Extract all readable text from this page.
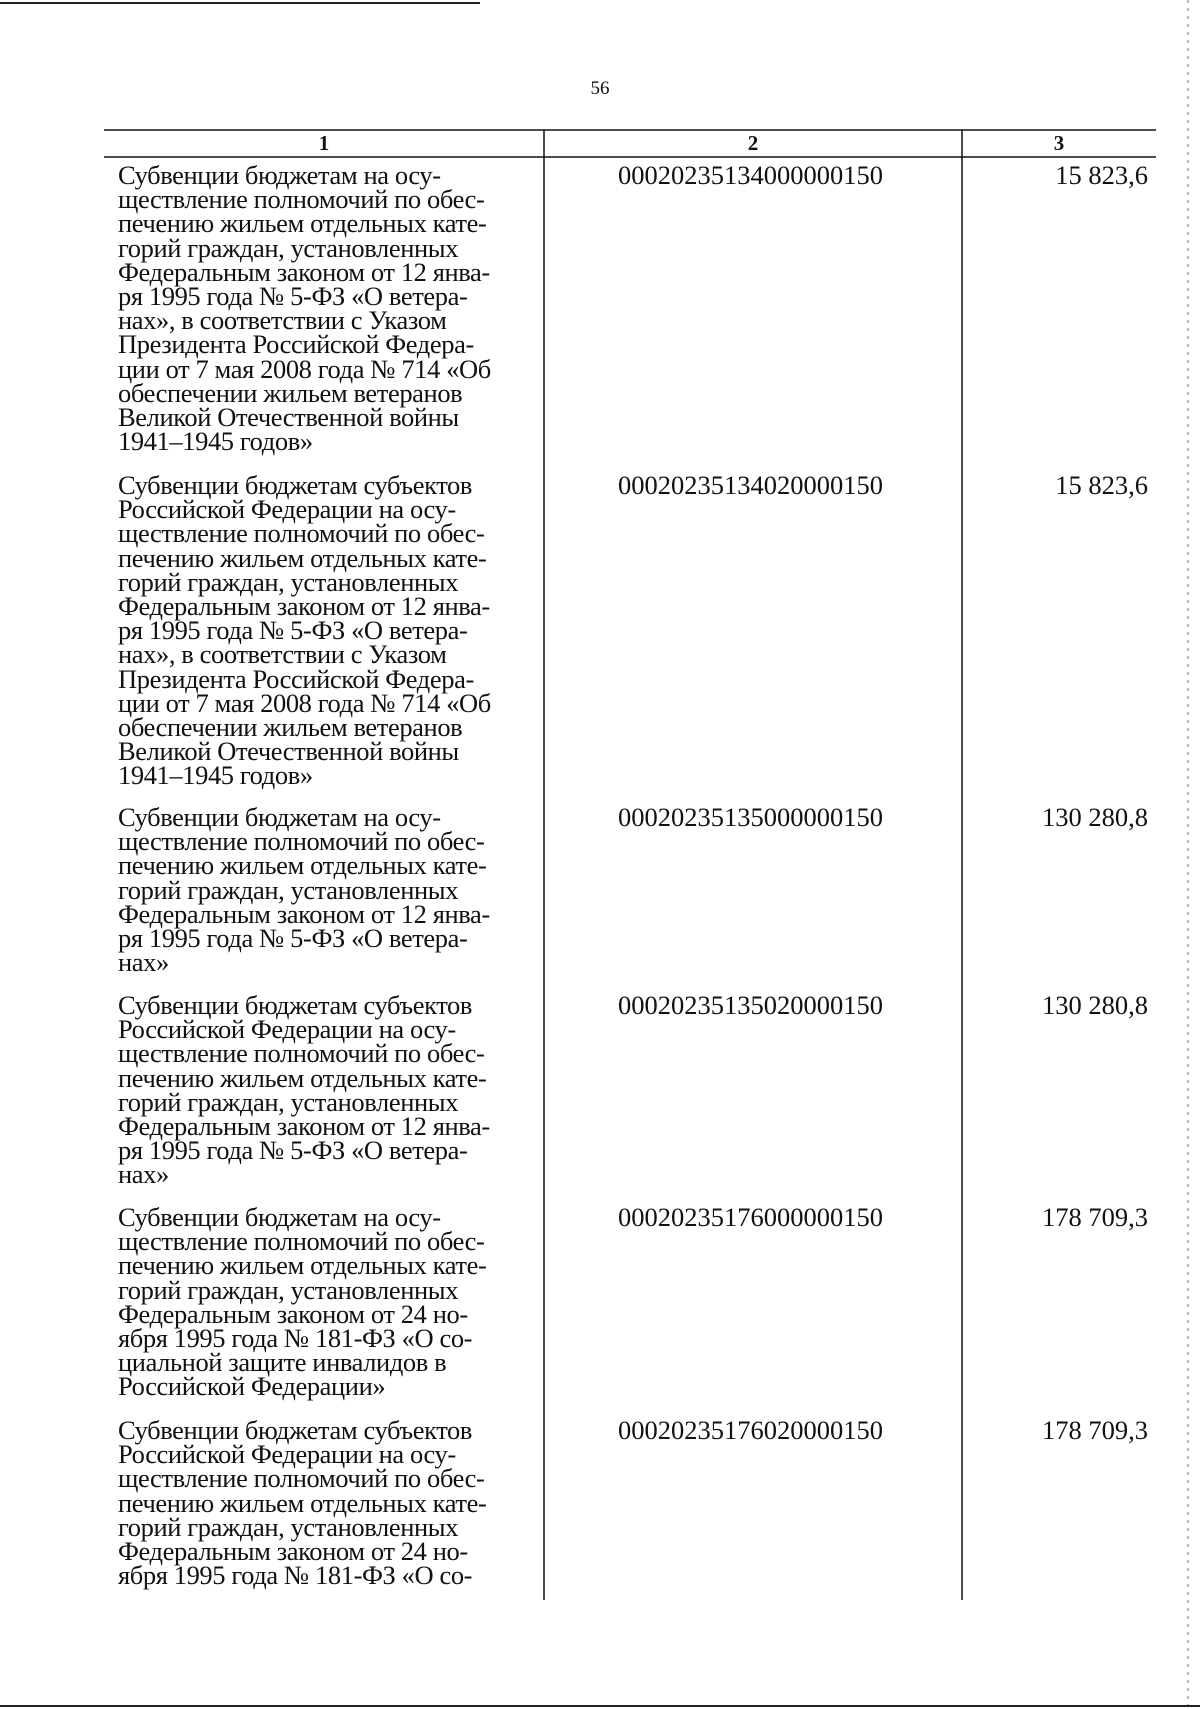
56
1	2	3
Субвенции бюджетам на осу-
ществление полномочий по обес-
печению жильем отдельных кате-
горий граждан, установленных
Федеральным законом от 12 янва-
ря 1995 года № 5-ФЗ «О ветера-
нах», в соответствии с Указом
Президента Российской Федера-
ции от 7 мая 2008 года № 714 «Об
обеспечении жильем ветеранов
Великой Отечественной войны
1941–1945 годов»
00020235134000000150	15 823,6
Субвенции бюджетам субъектов
Российской Федерации на осу-
ществление полномочий по обес-
печению жильем отдельных кате-
горий граждан, установленных
Федеральным законом от 12 янва-
ря 1995 года № 5-ФЗ «О ветера-
нах», в соответствии с Указом
Президента Российской Федера-
ции от 7 мая 2008 года № 714 «Об
обеспечении жильем ветеранов
Великой Отечественной войны
1941–1945 годов»
00020235134020000150	15 823,6
Субвенции бюджетам на осу-
ществление полномочий по обес-
печению жильем отдельных кате-
горий граждан, установленных
Федеральным законом от 12 янва-
ря 1995 года № 5-ФЗ «О ветера-
нах»
00020235135000000150	130 280,8
Субвенции бюджетам субъектов
Российской Федерации на осу-
ществление полномочий по обес-
печению жильем отдельных кате-
горий граждан, установленных
Федеральным законом от 12 янва-
ря 1995 года № 5-ФЗ «О ветера-
нах»
00020235135020000150	130 280,8
Субвенции бюджетам на осу-
ществление полномочий по обес-
печению жильем отдельных кате-
горий граждан, установленных
Федеральным законом от 24 но-
ября 1995 года № 181-ФЗ «О со-
циальной защите инвалидов в
Российской Федерации»
00020235176000000150	178 709,3
Субвенции бюджетам субъектов
Российской Федерации на осу-
ществление полномочий по обес-
печению жильем отдельных кате-
горий граждан, установленных
Федеральным законом от 24 но-
ября 1995 года № 181-ФЗ «О со-
00020235176020000150	178 709,3
